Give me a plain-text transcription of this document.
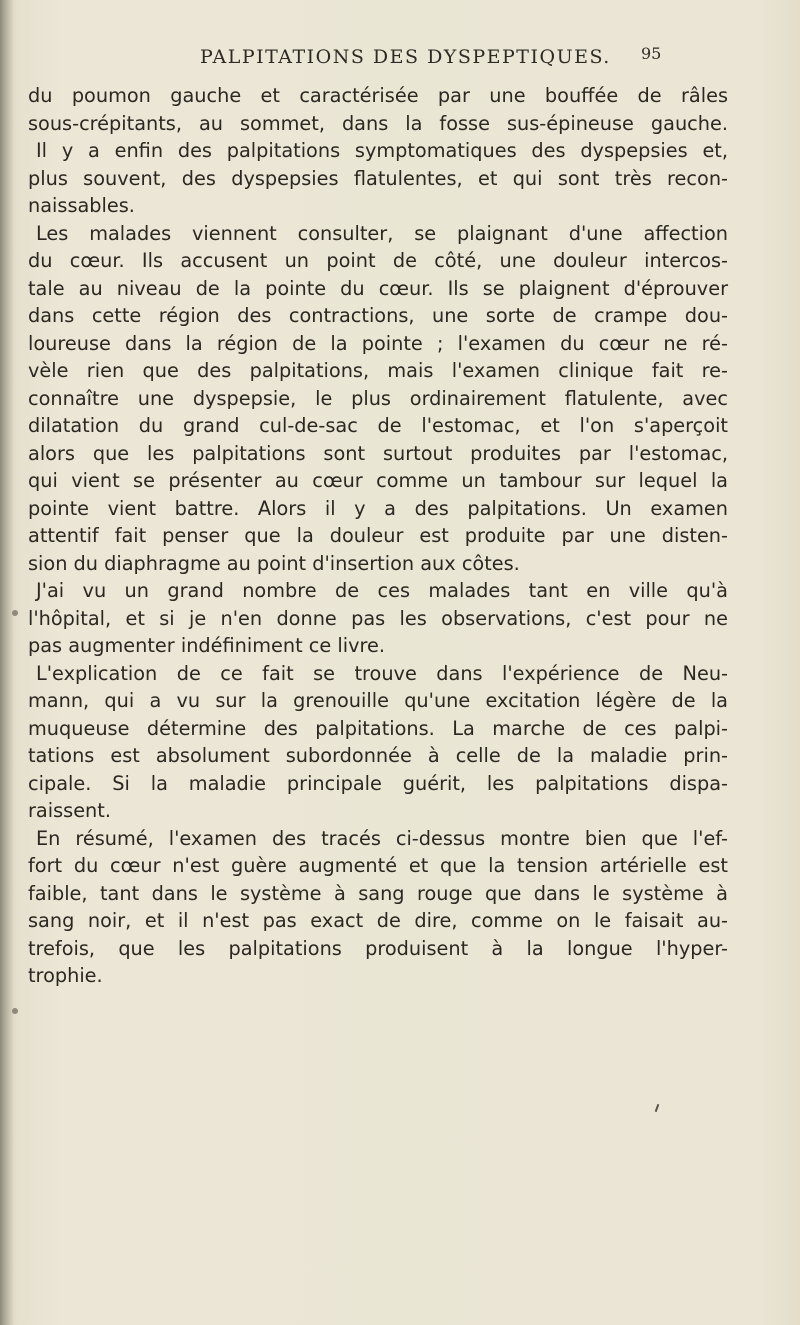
PALPITATIONS DES DYSPEPTIQUES. 95
du poumon gauche et caractérisée par une bouffée de râles
sous-crépitants, au sommet, dans la fosse sus-épineuse gauche.
Il y a enfin des palpitations symptomatiques des dyspepsies et,
plus souvent, des dyspepsies flatulentes, et qui sont très recon-
naissables.
Les malades viennent consulter, se plaignant d'une affection
du cœur. Ils accusent un point de côté, une douleur intercos-
tale au niveau de la pointe du cœur. Ils se plaignent d'éprouver
dans cette région des contractions, une sorte de crampe dou-
loureuse dans la région de la pointe ; l'examen du cœur ne ré-
vèle rien que des palpitations, mais l'examen clinique fait re-
connaître une dyspepsie, le plus ordinairement flatulente, avec
dilatation du grand cul-de-sac de l'estomac, et l'on s'aperçoit
alors que les palpitations sont surtout produites par l'estomac,
qui vient se présenter au cœur comme un tambour sur lequel la
pointe vient battre. Alors il y a des palpitations. Un examen
attentif fait penser que la douleur est produite par une disten-
sion du diaphragme au point d'insertion aux côtes.
J'ai vu un grand nombre de ces malades tant en ville qu'à
l'hôpital, et si je n'en donne pas les observations, c'est pour ne
pas augmenter indéfiniment ce livre.
L'explication de ce fait se trouve dans l'expérience de Neu-
mann, qui a vu sur la grenouille qu'une excitation légère de la
muqueuse détermine des palpitations. La marche de ces palpi-
tations est absolument subordonnée à celle de la maladie prin-
cipale. Si la maladie principale guérit, les palpitations dispa-
raissent.
En résumé, l'examen des tracés ci-dessus montre bien que l'ef-
fort du cœur n'est guère augmenté et que la tension artérielle est
faible, tant dans le système à sang rouge que dans le système à
sang noir, et il n'est pas exact de dire, comme on le faisait au-
trefois, que les palpitations produisent à la longue l'hyper-
trophie.
